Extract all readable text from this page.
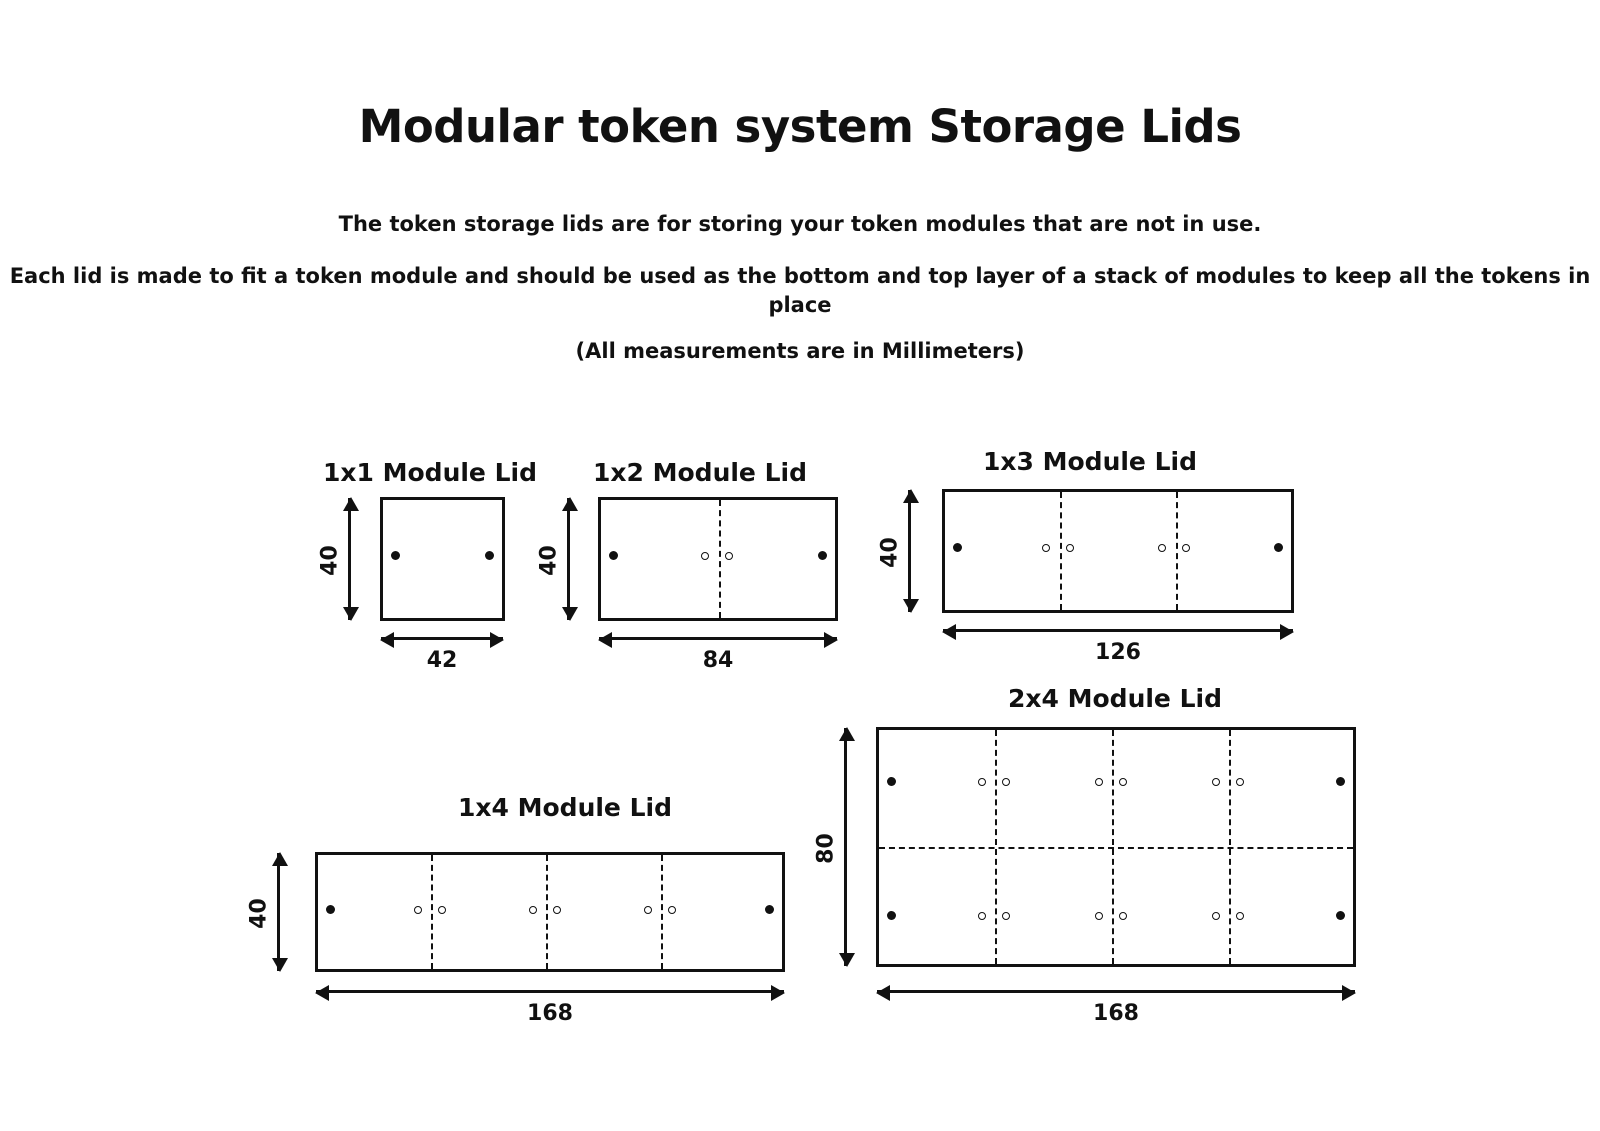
Modular token system Storage Lids
The token storage lids are for storing your token modules that are not in use.
Each lid is made to fit a token module and should be used as the bottom and top layer of a stack of modules to keep all the tokens in place
(All measurements are in Millimeters)
1x1 Module Lid
40
42
1x2 Module Lid
40
84
1x3 Module Lid
40
126
1x4 Module Lid
40
168
2x4 Module Lid
80
168
